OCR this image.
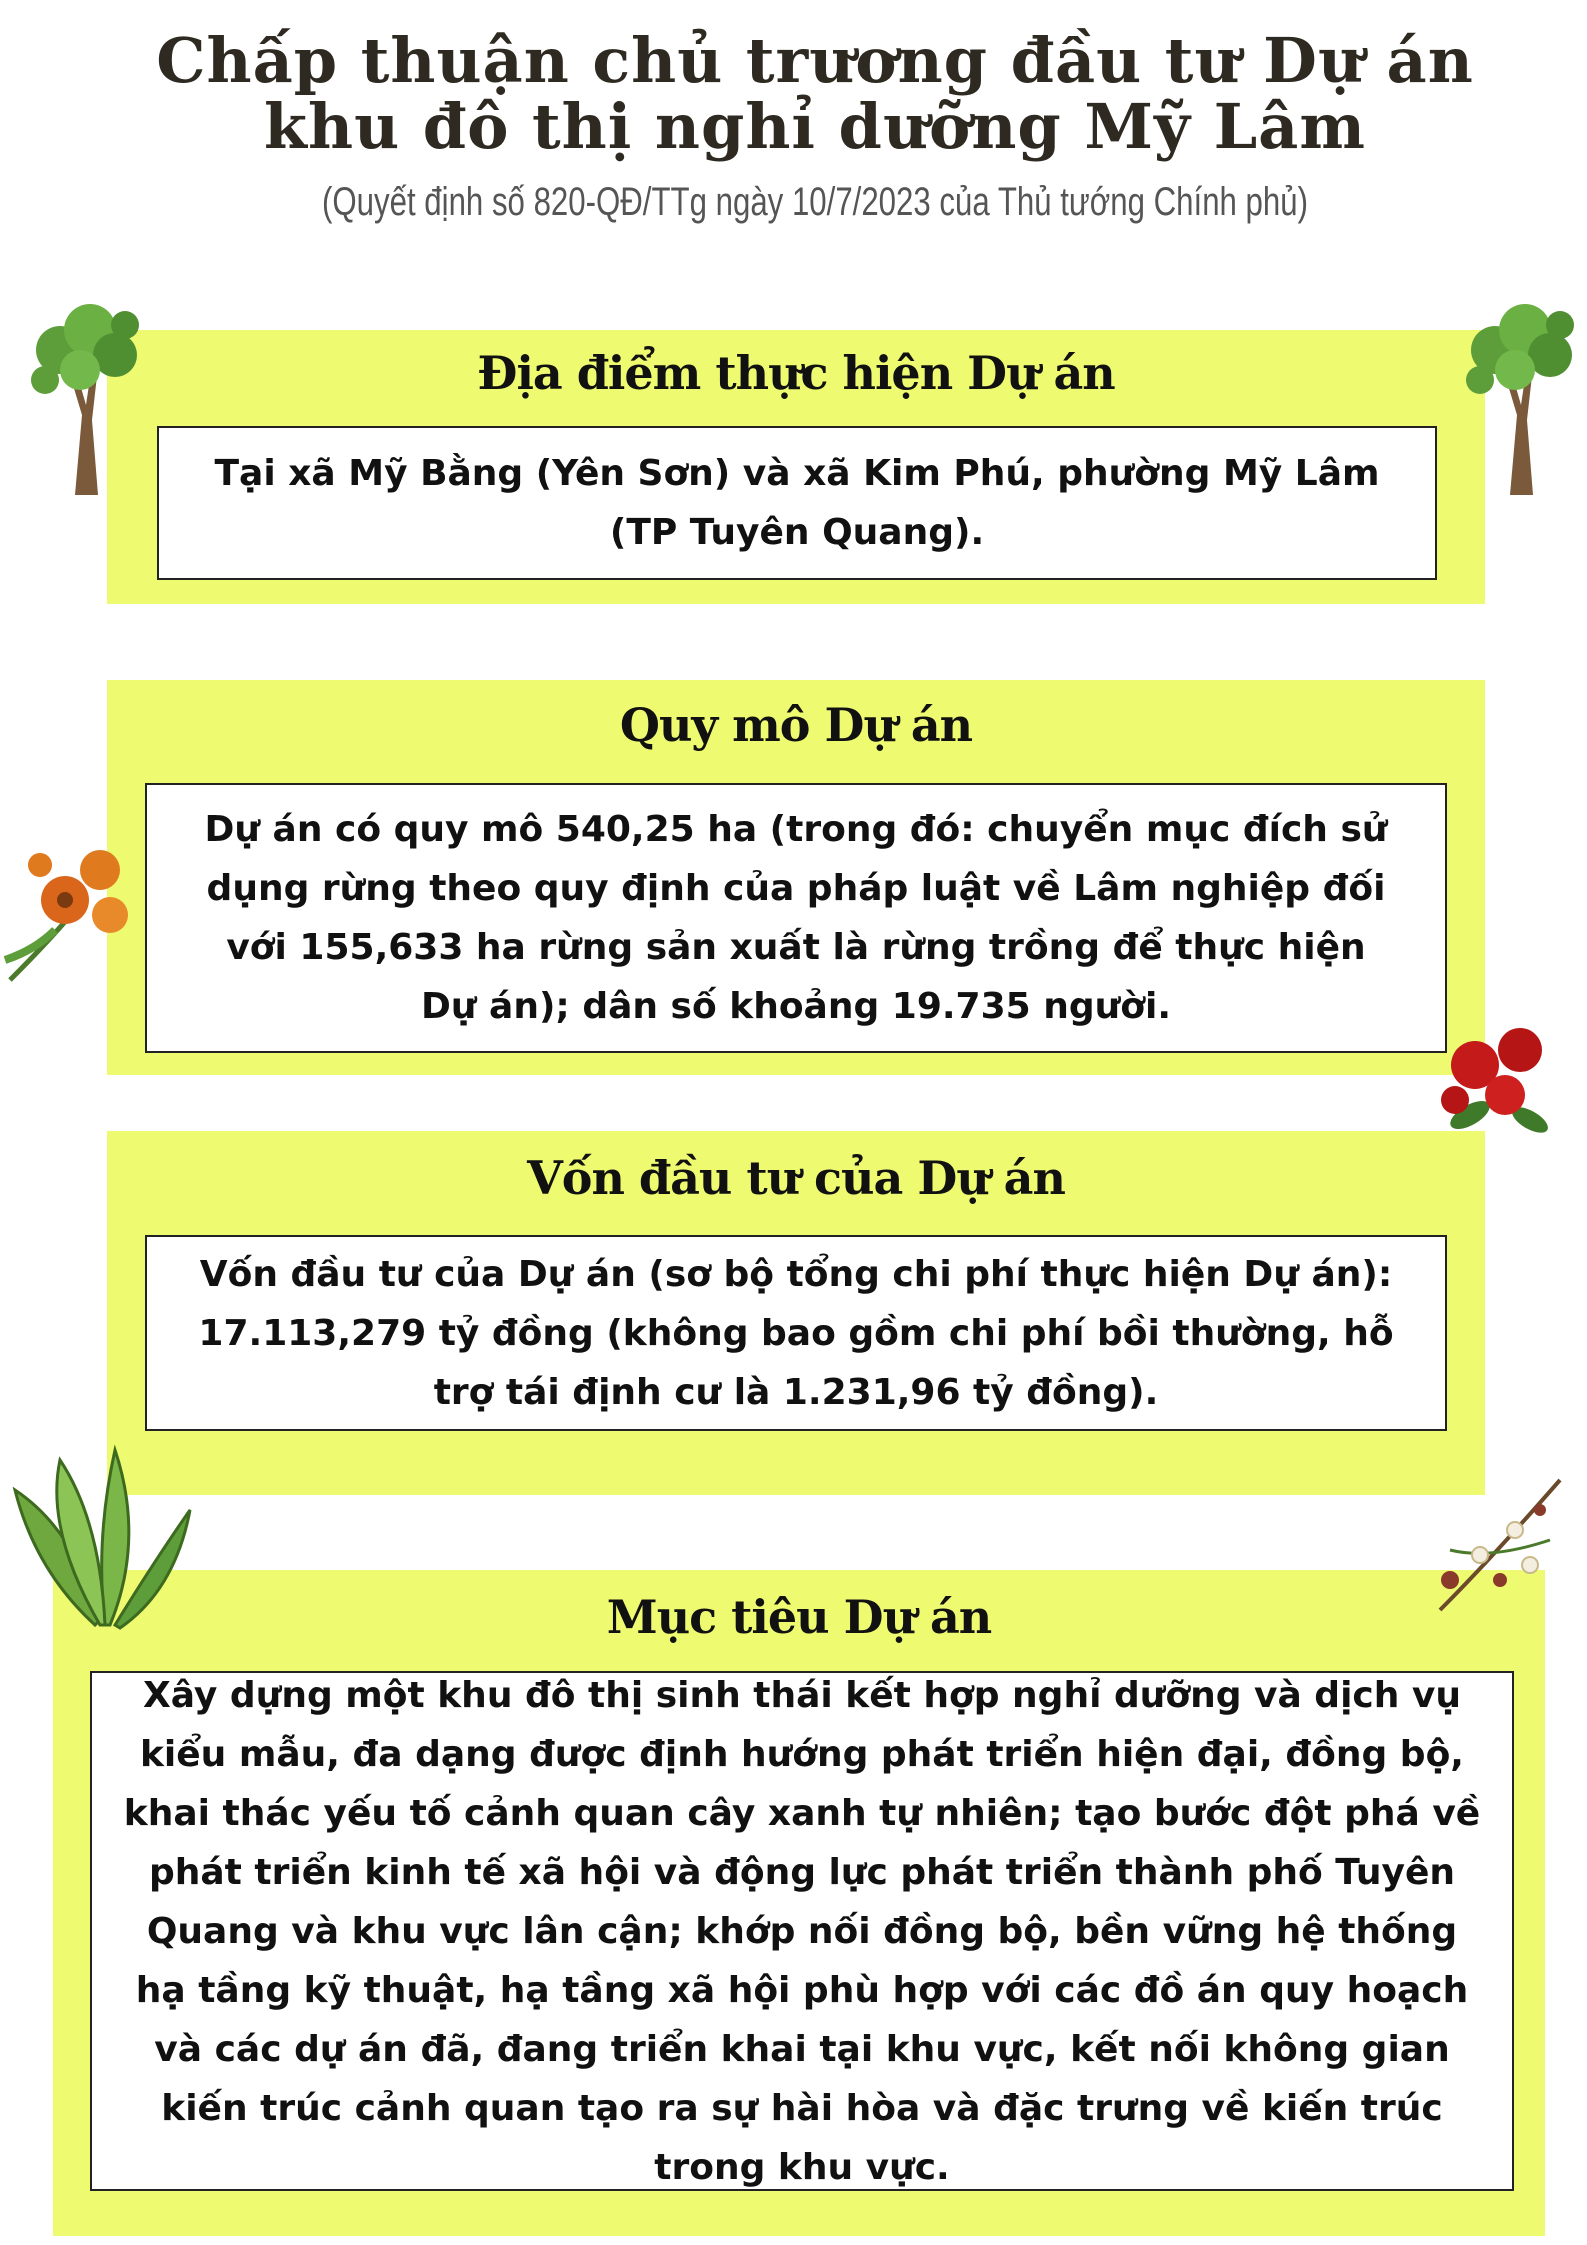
Chấp thuận chủ trương đầu tư Dự án
khu đô thị nghỉ dưỡng Mỹ Lâm
(Quyết định số 820-QĐ/TTg ngày 10/7/2023 của Thủ tướng Chính phủ)
Địa điểm thực hiện Dự án
Tại xã Mỹ Bằng (Yên Sơn) và xã Kim Phú, phường Mỹ Lâm (TP Tuyên Quang).
Quy mô Dự án
Dự án có quy mô 540,25 ha (trong đó: chuyển mục đích sử dụng rừng theo quy định của pháp luật về Lâm nghiệp đối với 155,633 ha rừng sản xuất là rừng trồng để thực hiện Dự án); dân số khoảng 19.735 người.
Vốn đầu tư của Dự án
Vốn đầu tư của Dự án (sơ bộ tổng chi phí thực hiện Dự án): 17.113,279 tỷ đồng (không bao gồm chi phí bồi thường, hỗ trợ tái định cư là 1.231,96 tỷ đồng).
Mục tiêu Dự án
Xây dựng một khu đô thị sinh thái kết hợp nghỉ dưỡng và dịch vụ kiểu mẫu, đa dạng được định hướng phát triển hiện đại, đồng bộ, khai thác yếu tố cảnh quan cây xanh tự nhiên; tạo bước đột phá về phát triển kinh tế xã hội và động lực phát triển thành phố Tuyên Quang và khu vực lân cận; khớp nối đồng bộ, bền vững hệ thống hạ tầng kỹ thuật, hạ tầng xã hội phù hợp với các đồ án quy hoạch và các dự án đã, đang triển khai tại khu vực, kết nối không gian kiến trúc cảnh quan tạo ra sự hài hòa và đặc trưng về kiến trúc trong khu vực.
